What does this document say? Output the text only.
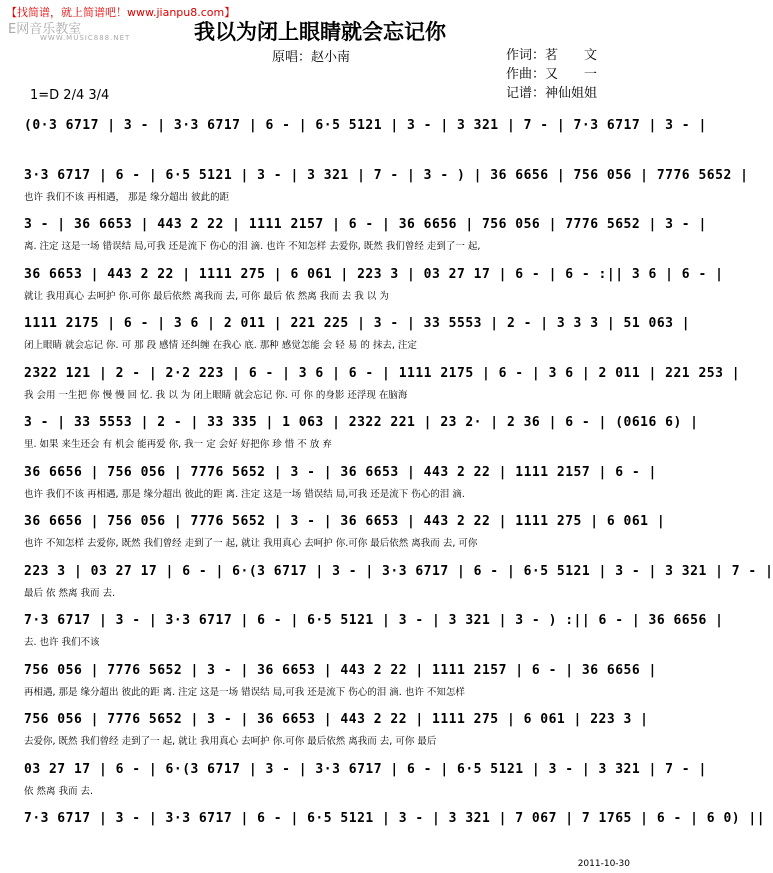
【找简谱，就上简谱吧！www.jianpu8.com】
E网音乐教室
WWW.MUSIC888.NET	我以为闭上眼睛就会忘记你
原唱：赵小南	作词：茗　　文
作曲：又　　一
记谱：神仙姐姐
1=D 2/4 3/4
(0·3 6717 | 3 - | 3·3 6717 | 6 - | 6·5 5121 | 3 - | 3 321 | 7 - | 7·3 6717 | 3 - |
3·3 6717 | 6 - | 6·5 5121 | 3 - | 3 321 | 7 - | 3 - ) | 36 6656 | 756 056 | 7776 5652 |
也许 我们不该 再相遇， 那是 缘分超出 彼此的距
3 - | 36 6653 | 443 2 22 | 1111 2157 | 6 - | 36 6656 | 756 056 | 7776 5652 | 3 - |
离. 注定 这是一场 错误结 局,可我 还是流下 伤心的泪 滴. 也许 不知怎样 去爱你, 既然 我们曾经 走到了一 起,
36 6653 | 443 2 22 | 1111 275 | 6 061 | 223 3 | 03 27 17 | 6 - | 6 - :|| 3 6 | 6 - |
就让 我用真心 去呵护 你.可你 最后依然 离我而 去, 可你 最后 依 然离 我而 去 我 以 为
1111 2175 | 6 - | 3 6 | 2 011 | 221 225 | 3 - | 33 5553 | 2 - | 3 3 3 | 51 063 |
闭上眼睛 就会忘记 你. 可 那 段 感情 还纠缠 在我心 底. 那种 感觉怎能 会 轻 易 的 抹去, 注定
2322 121 | 2 - | 2·2 223 | 6 - | 3 6 | 6 - | 1111 2175 | 6 - | 3 6 | 2 011 | 221 253 |
我 会用 一生把 你 慢 慢 回 忆. 我 以 为 闭上眼睛 就会忘记 你. 可 你 的身影 还浮现 在脑海
3 - | 33 5553 | 2 - | 33 335 | 1 063 | 2322 221 | 23 2· | 2 36 | 6 - | (0616 6) |
里. 如果 来生还会 有 机会 能再爱 你, 我一 定 会好 好把你 珍 惜 不 放 弃
36 6656 | 756 056 | 7776 5652 | 3 - | 36 6653 | 443 2 22 | 1111 2157 | 6 - |
也许 我们不该 再相遇, 那是 缘分超出 彼此的距 离. 注定 这是一场 错误结 局,可我 还是流下 伤心的泪 滴.
36 6656 | 756 056 | 7776 5652 | 3 - | 36 6653 | 443 2 22 | 1111 275 | 6 061 |
也许 不知怎样 去爱你, 既然 我们曾经 走到了一 起, 就让 我用真心 去呵护 你.可你 最后依然 离我而 去, 可你
223 3 | 03 27 17 | 6 - | 6·(3 6717 | 3 - | 3·3 6717 | 6 - | 6·5 5121 | 3 - | 3 321 | 7 - |
最后 依 然离 我而 去.
7·3 6717 | 3 - | 3·3 6717 | 6 - | 6·5 5121 | 3 - | 3 321 | 3 - ) :|| 6 - | 36 6656 |
去. 也许 我们不该
756 056 | 7776 5652 | 3 - | 36 6653 | 443 2 22 | 1111 2157 | 6 - | 36 6656 |
再相遇, 那是 缘分超出 彼此的距 离. 注定 这是一场 错误结 局,可我 还是流下 伤心的泪 滴. 也许 不知怎样
756 056 | 7776 5652 | 3 - | 36 6653 | 443 2 22 | 1111 275 | 6 061 | 223 3 |
去爱你, 既然 我们曾经 走到了一 起, 就让 我用真心 去呵护 你.可你 最后依然 离我而 去, 可你 最后
03 27 17 | 6 - | 6·(3 6717 | 3 - | 3·3 6717 | 6 - | 6·5 5121 | 3 - | 3 321 | 7 - |
依 然离 我而 去.
7·3 6717 | 3 - | 3·3 6717 | 6 - | 6·5 5121 | 3 - | 3 321 | 7 067 | 7 1765 | 6 - | 6 0) ||
2011-10-30
